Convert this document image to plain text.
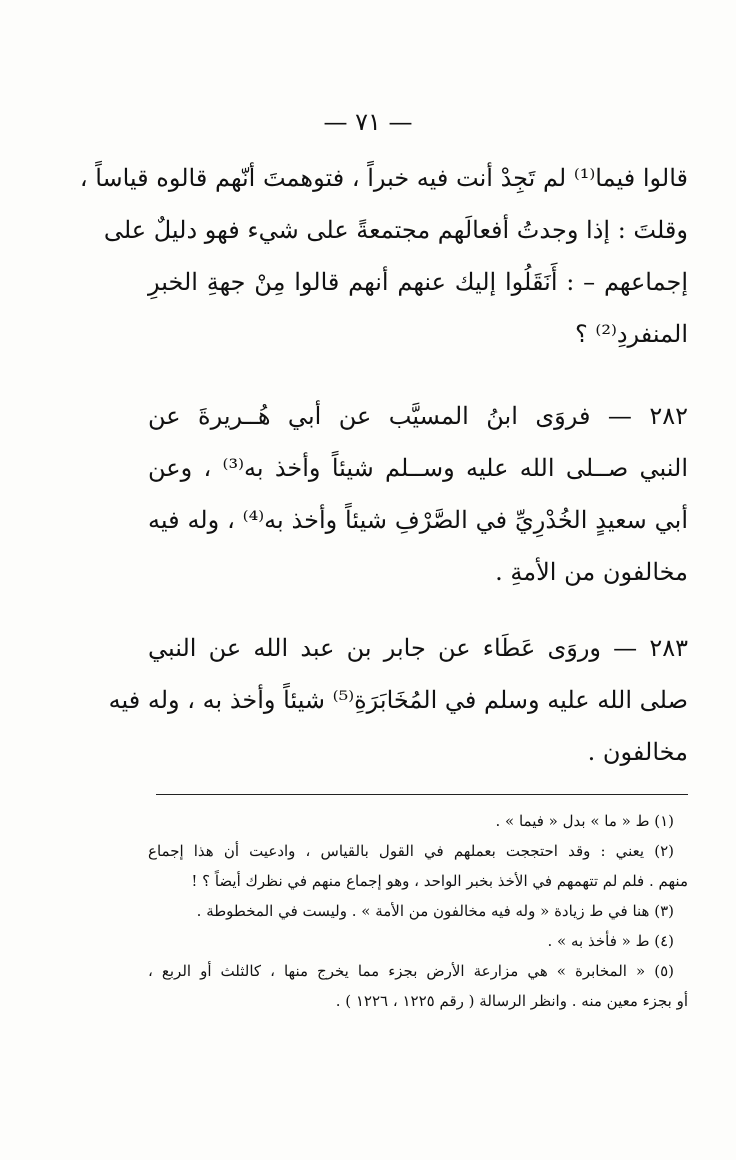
— ٧١ —
قالوا فيما⁽¹⁾ لم تَجِدْ أنت فيه خبراً ، فتوهمتَ أنّهم قالوه قياساً ،
وقلتَ : إذا وجدتُ أفعالَهم مجتمعةً على شيء فهو دليلٌ على
إجماعهم – : أَنَقَلُوا إليك عنهم أنهم قالوا مِنْ جهةِ الخبرِ
المنفردِ⁽²⁾ ؟
٢٨٢ — فروَى ابنُ المسيَّب عن أبي هُــريرةَ عن
النبي صــلى الله عليه وســلم شيئاً وأخذ به⁽³⁾ ، وعن
أبي سعيدٍ الخُدْرِيِّ في الصَّرْفِ شيئاً وأخذ به⁽⁴⁾ ، وله فيه
مخالفون من الأمةِ .
٢٨٣ — وروَى عَطَاء عن جابر بن عبد الله عن النبي
صلى الله عليه وسلم في المُخَابَرَةِ⁽⁵⁾ شيئاً وأخذ به ، وله فيه
مخالفون .
(١) ط « ما » بدل « فيما » .
(٢) يعني : وقد احتججت بعملهم في القول بالقياس ، وادعيت أن هذا إجماع
منهم . فلم لم تتهمهم في الأخذ بخبر الواحد ، وهو إجماع منهم في نظرك أيضاً ؟ !
(٣) هنا في ط زيادة « وله فيه مخالفون من الأمة » . وليست في المخطوطة .
(٤) ط « فأخذ به » .
(٥) « المخابرة » هي مزارعة الأرض بجزء مما يخرج منها ، كالثلث أو الربع ،
أو بجزء معين منه . وانظر الرسالة ( رقم ١٢٢٥ ، ١٢٢٦ ) .
